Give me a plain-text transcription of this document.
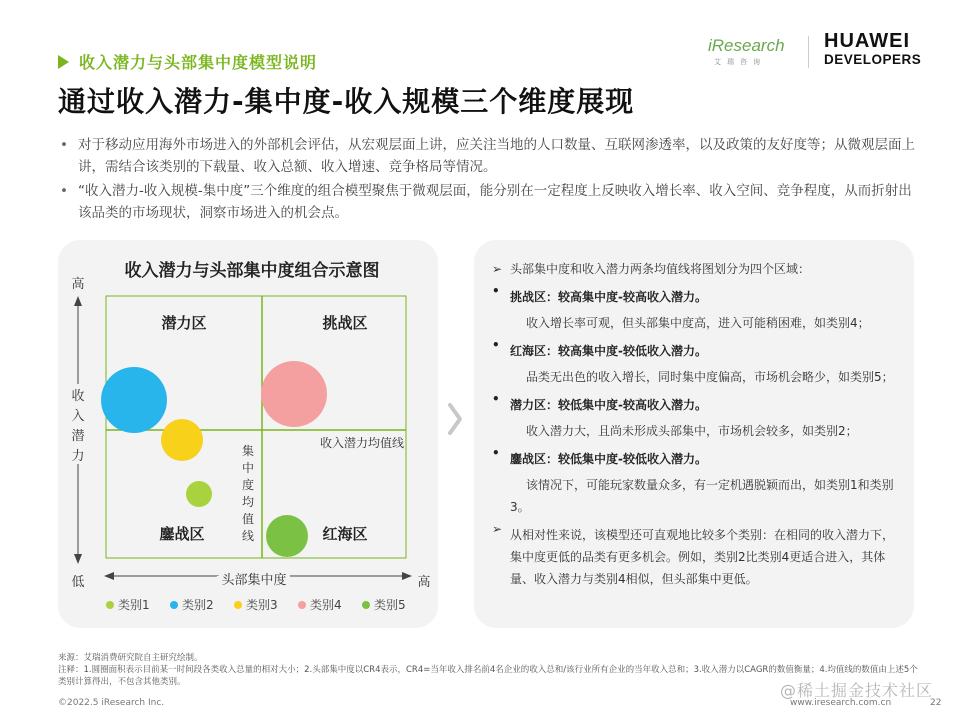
收入潜力与头部集中度模型说明
通过收入潜力-集中度-收入规模三个维度展现
iResearch
艾瑞咨询
HUAWEI
DEVELOPERS
• 对于移动应用海外市场进入的外部机会评估，从宏观层面上讲，应关注当地的人口数量、互联网渗透率，以及政策的友好度等；从微观层面上讲，需结合该类别的下载量、收入总额、收入增速、竞争格局等情况。
• “收入潜力-收入规模-集中度”三个维度的组合模型聚焦于微观层面，能分别在一定程度上反映收入增长率、收入空间、竞争程度，从而折射出该品类的市场现状，洞察市场进入的机会点。
收入潜力与头部集中度组合示意图
高
低
收
入
潜
力
头部集中度	高
收入潜力均值线
集
中
度
均
值
线
潜力区	挑战区
鏖战区	红海区
类别1	类别2	类别3	类别4	类别5
➢ 头部集中度和收入潜力两条均值线将图划分为四个区域：
• 挑战区：较高集中度-较高收入潜力。
收入增长率可观，但头部集中度高，进入可能稍困难，如类别4；
• 红海区：较高集中度-较低收入潜力。
品类无出色的收入增长，同时集中度偏高，市场机会略少，如类别5；
• 潜力区：较低集中度-较高收入潜力。
收入潜力大，且尚未形成头部集中，市场机会较多，如类别2；
• 鏖战区：较低集中度-较低收入潜力。
该情况下，可能玩家数量众多，有一定机遇脱颖而出，如类别1和类别3。
➢ 从相对性来说，该模型还可直观地比较多个类别：在相同的收入潜力下，集中度更低的品类有更多机会。例如，类别2比类别4更适合进入，其体量、收入潜力与类别4相似，但头部集中更低。
来源：艾瑞消费研究院自主研究绘制。
注释：1.圆圈面积表示目前某一时间段各类收入总量的相对大小；2.头部集中度以CR4表示，CR4=当年收入排名前4名企业的收入总和/该行业所有企业的当年收入总和；3.收入潜力以CAGR的数值衡量；4.均值线的数值由上述5个类别计算得出，不包含其他类别。	@稀土掘金技术社区
©2022.5 iResearch Inc.	www.iresearch.com.cn	22
